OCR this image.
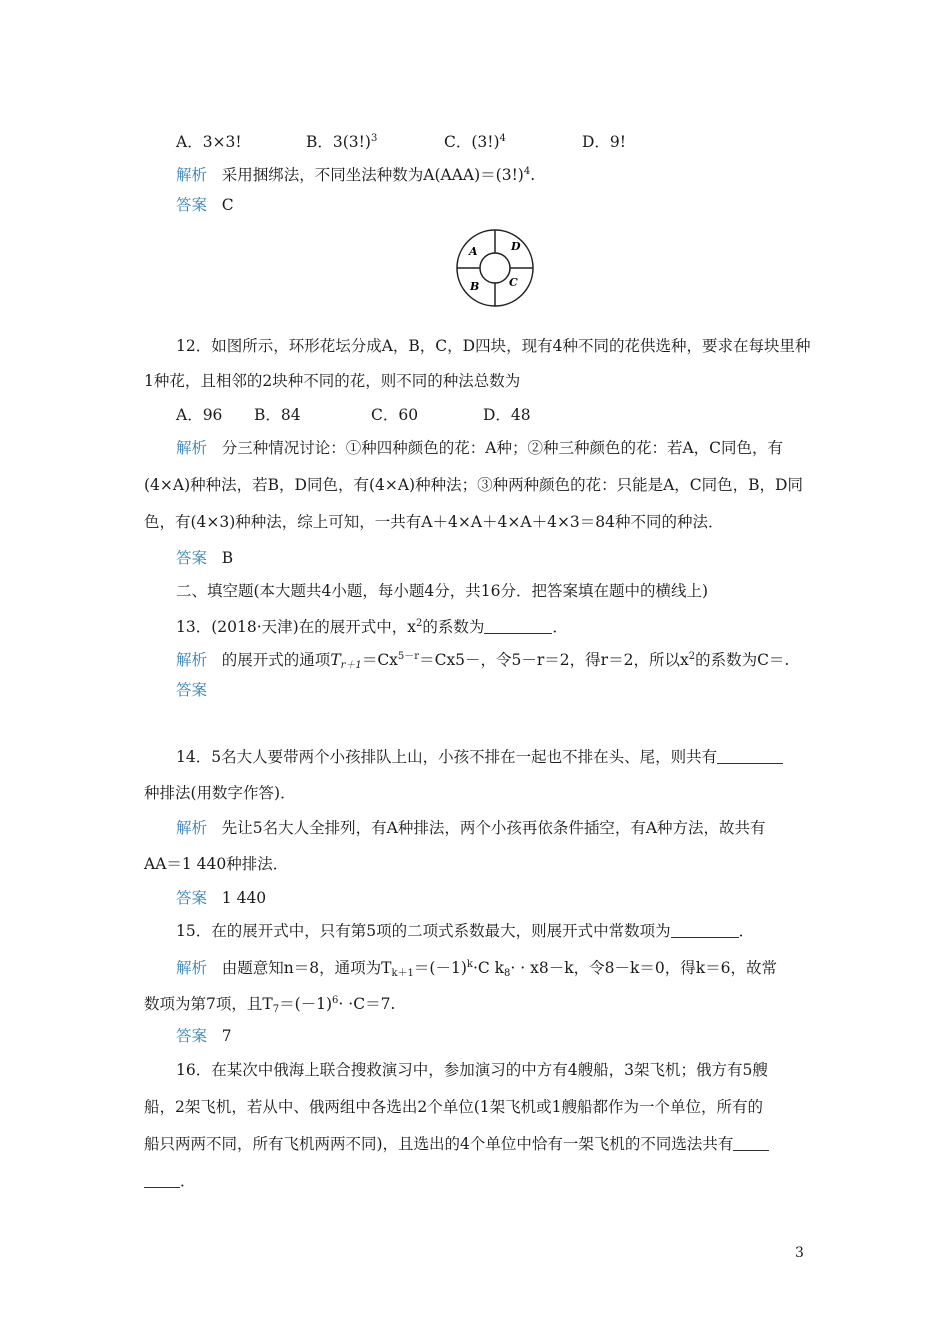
A．3×3!	B．$3(3!)^3$	C．$(3!)^4$	D．9!
解析 采用捆绑法，不同坐法种数为$A(AAA)=(3!)^4$.
答案 C
A	D
B	C
12．如图所示，环形花坛分成A，B，C，D四块，现有4种不同的花供选种，要求在每块里种
1种花，且相邻的2块种不同的花，则不同的种法总数为
A．96 B．84	C．60	D．48
解析 分三种情况讨论：①种四种颜色的花：A种；②种三种颜色的花：若A，C同色，有
(4×A)种种法，若B，D同色，有(4×A)种种法；③种两种颜色的花：只能是A，C同色，B，D同
色，有(4×3)种种法，综上可知，一共有A＋4×A＋4×A＋4×3＝84种不同的种法．
答案 B
二、填空题(本大题共4小题，每小题4分，共16分．把答案填在题中的横线上)
13．(2018·天津)在的展开式中，$x^2$的系数为	．
解析 的展开式的通项$T_{r+1}=Cx^{5-r}=Cx5-$，令5－r＝2，得r＝2，所以$x^2$的系数为C＝.
答案
14．5名大人要带两个小孩排队上山，小孩不排在一起也不排在头、尾，则共有
种排法(用数字作答)．
解析 先让5名大人全排列，有A种排法，两个小孩再依条件插空，有A种方法，故共有
AA＝1 440种排法．
答案 1 440
15．在的展开式中，只有第5项的二项式系数最大，则展开式中常数项为	．
解析 由题意知n＝8，通项为$T_{k+1}=(-1)^k\cdot C$ $k_8\cdot \cdot x8-k$，令8－k＝0，得k＝6，故常
数项为第7项，且$T_7=(-1)^6\cdot \cdot C=7$.
答案 7
16．在某次中俄海上联合搜救演习中，参加演习的中方有4艘船，3架飞机；俄方有5艘
船，2架飞机，若从中、俄两组中各选出2个单位(1架飞机或1艘船都作为一个单位，所有的
船只两两不同，所有飞机两两不同)，且选出的4个单位中恰有一架飞机的不同选法共有
．
3
